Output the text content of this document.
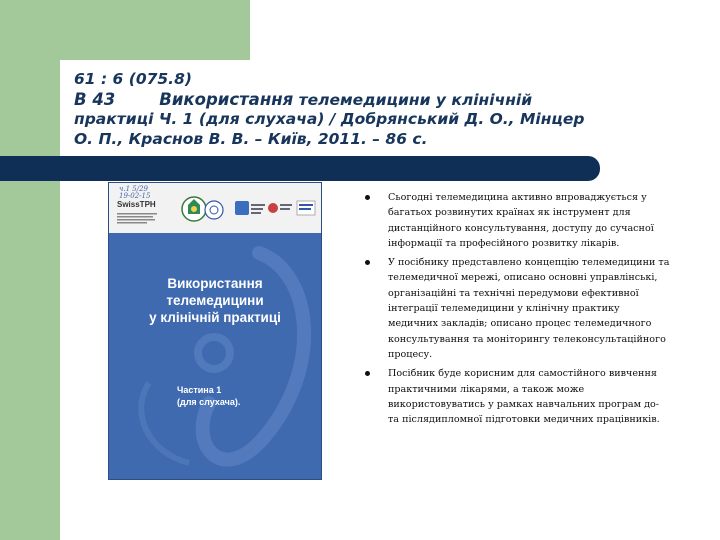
61 : 6 (075.8)
В 43	Використання телемедицини у клінічній
практиці Ч. 1 (для слухача) / Добрянський Д. О., Мінцер
О. П., Краснов В. В. – Київ, 2011. – 86 с.
ч.1 5/29
19-02-15
SwissTPH
Використання
телемедицини
у клінічній практиці
Частина 1
(для слухача).
Сьогодні телемедицина активно впроваджується у багатьох розвинутих країнах як інструмент для дистанційного консультування, доступу до сучасної інформації та професійного розвитку лікарів.
У посібнику представлено концепцію телемедицини та телемедичної мережі, описано основні управлінські, організаційні та технічні передумови ефективної інтеграції телемедицини у клінічну практику медичних закладів; описано процес телемедичного консультування та моніторингу телеконсультаційного процесу.
Посібник буде корисним для самостійного вивчення практичними лікарями, а також може використовуватись у рамках навчальних програм до- та післядипломної підготовки медичних працівників.
